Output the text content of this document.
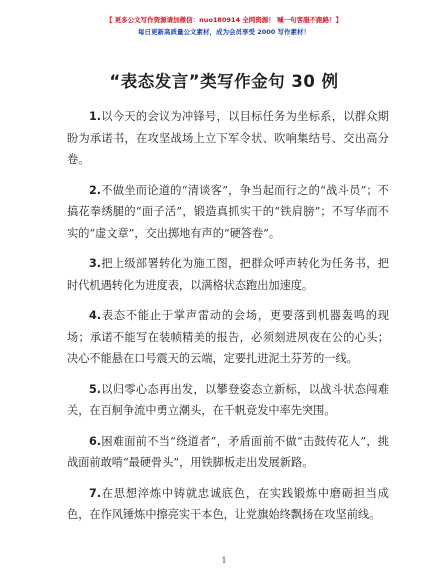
【 更多公文写作资源请加微信：nuo180914 全网资源！ 喊一句客服不跑路！】
每日更新高质量公文素材，成为会员享受 2000 写作素材！
“表态发言”类写作金句 30 例

1.以今天的会议为冲锋号，以目标任务为坐标系，以群众期盼为承诺书，在攻坚战场上立下军令状、吹响集结号、交出高分卷。

2.不做坐而论道的“清谈客”，争当起而行之的“战斗员”；不搞花拳绣腿的“面子活”，锻造真抓实干的“铁肩膀”；不写华而不实的“虚文章”，交出掷地有声的“硬答卷”。

3.把上级部署转化为施工图，把群众呼声转化为任务书，把时代机遇转化为进度表，以满格状态跑出加速度。

4.表态不能止于掌声雷动的会场，更要落到机器轰鸣的现场；承诺不能写在装帧精美的报告，必须刻进夙夜在公的心头；决心不能悬在口号震天的云端，定要扎进泥土芬芳的一线。

5.以归零心态再出发，以攀登姿态立新标，以战斗状态闯难关，在百舸争流中勇立潮头，在千帆竞发中率先突围。

6.困难面前不当“绕道者”，矛盾面前不做“击鼓传花人”，挑战面前敢啃“最硬骨头”，用铁脚板走出发展新路。

7.在思想淬炼中铸就忠诚底色，在实践锻炼中磨砺担当成色，在作风锤炼中擦亮实干本色，让党旗始终飘扬在攻坚前线。

1
